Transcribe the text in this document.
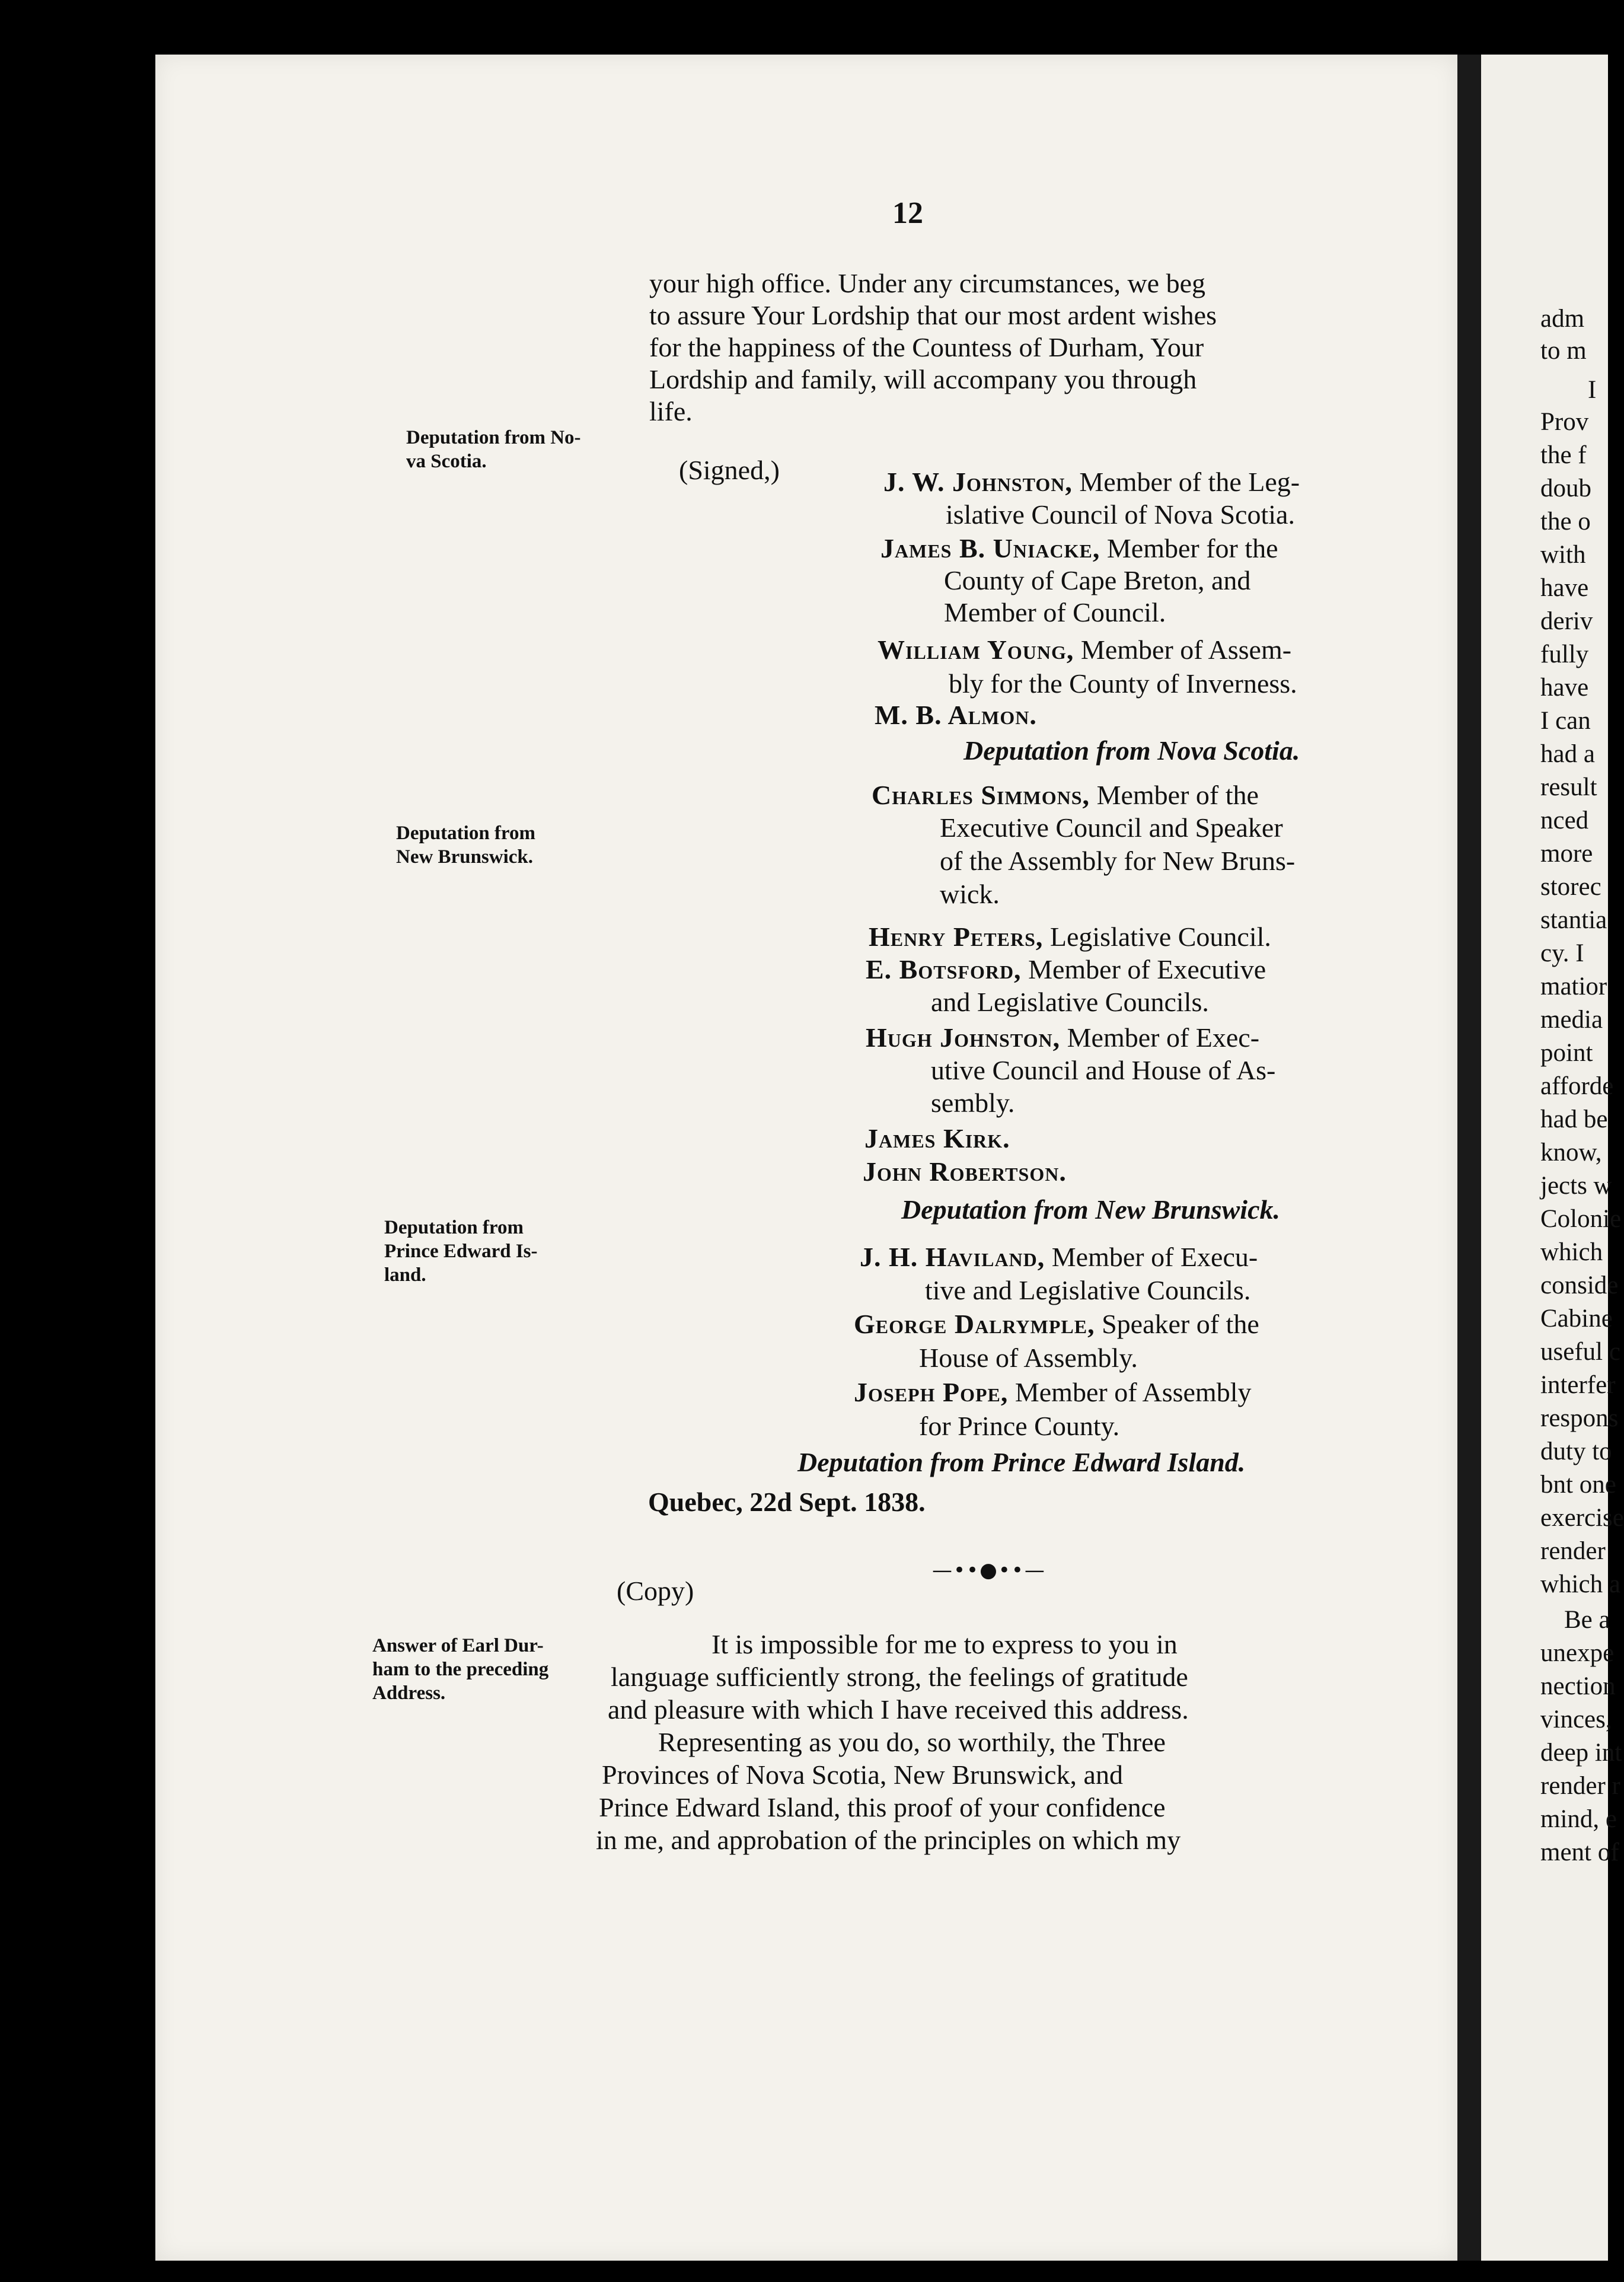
adm
to m
I
Prov
the f
doub
the o
with
have
deriv
fully
have
I can
had a
result
nced
more
storec
stantia
cy. I
matior
media
point
afforde
had be
know,
jects w
Colonie
which
conside
Cabine
useful c
interfer
respons
duty to
bnt one
exercise
render
which a
Be a
unexpe
nection
vinces,
deep int
render r
mind, e
ment of
12
your high office. Under any circumstances, we beg
to assure Your Lordship that our most ardent wishes
for the happiness of the Countess of Durham, Your
Lordship and family, will accompany you through
life.
Deputation from No-
va Scotia.
Deputation from
New Brunswick.
Deputation from
Prince Edward Is-
land.
Answer of Earl Dur-
ham to the preceding
Address.
(Signed,)	J. W. Johnston, Member of the Leg-
islative Council of Nova Scotia.
James B. Uniacke, Member for the
County of Cape Breton, and
Member of Council.
William Young, Member of Assem-
bly for the County of Inverness.
M. B. Almon.
Deputation from Nova Scotia.
Charles Simmons, Member of the
Executive Council and Speaker
of the Assembly for New Bruns-
wick.
Henry Peters, Legislative Council.
E. Botsford, Member of Executive
and Legislative Councils.
Hugh Johnston, Member of Exec-
utive Council and House of As-
sembly.
James Kirk.
John Robertson.
Deputation from New Brunswick.
J. H. Haviland, Member of Execu-
tive and Legislative Councils.
George Dalrymple, Speaker of the
House of Assembly.
Joseph Pope, Member of Assembly
for Prince County.
Deputation from Prince Edward Island.
Quebec, 22d Sept. 1838.
—••●••—
(Copy)
It is impossible for me to express to you in
language sufficiently strong, the feelings of gratitude
and pleasure with which I have received this address.
Representing as you do, so worthily, the Three
Provinces of Nova Scotia, New Brunswick, and
Prince Edward Island, this proof of your confidence
in me, and approbation of the principles on which my
